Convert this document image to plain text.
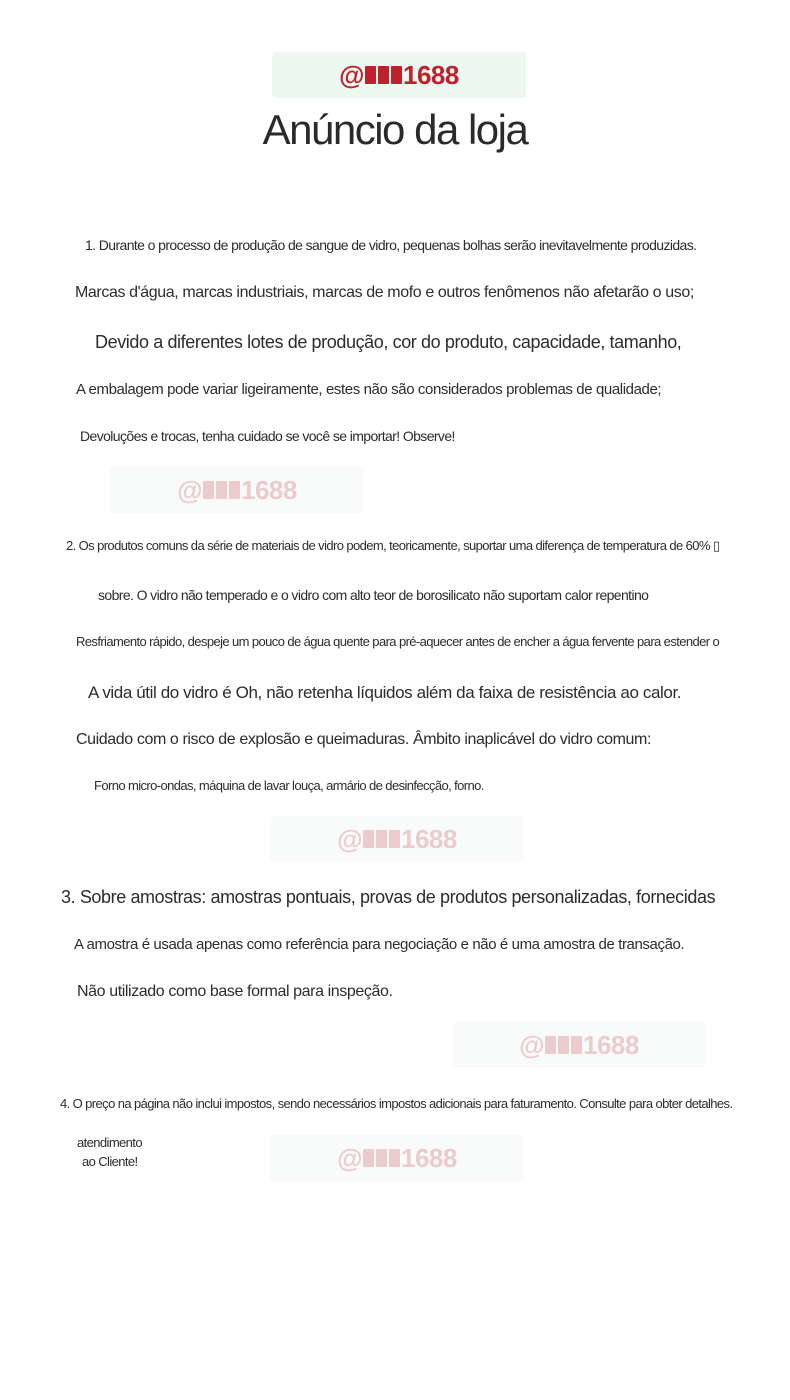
@ 1688
@ 1688
@ 1688
@ 1688
@ 1688
Anúncio da loja
1. Durante o processo de produção de sangue de vidro, pequenas bolhas serão inevitavelmente produzidas.
Marcas d'água, marcas industriais, marcas de mofo e outros fenômenos não afetarão o uso;
Devido a diferentes lotes de produção, cor do produto, capacidade, tamanho,
A embalagem pode variar ligeiramente, estes não são considerados problemas de qualidade;
Devoluções e trocas, tenha cuidado se você se importar! Observe!
2. Os produtos comuns da série de materiais de vidro podem, teoricamente, suportar uma diferença de temperatura de 60% ▯
sobre. O vidro não temperado e o vidro com alto teor de borosilicato não suportam calor repentino
Resfriamento rápido, despeje um pouco de água quente para pré-aquecer antes de encher a água fervente para estender o
A vida útil do vidro é Oh, não retenha líquidos além da faixa de resistência ao calor.
Cuidado com o risco de explosão e queimaduras. Âmbito inaplicável do vidro comum:
Forno micro-ondas, máquina de lavar louça, armário de desinfecção, forno.
3. Sobre amostras: amostras pontuais, provas de produtos personalizadas, fornecidas
A amostra é usada apenas como referência para negociação e não é uma amostra de transação.
Não utilizado como base formal para inspeção.
4. O preço na página não inclui impostos, sendo necessários impostos adicionais para faturamento. Consulte para obter detalhes.
atendimento
ao Cliente!
